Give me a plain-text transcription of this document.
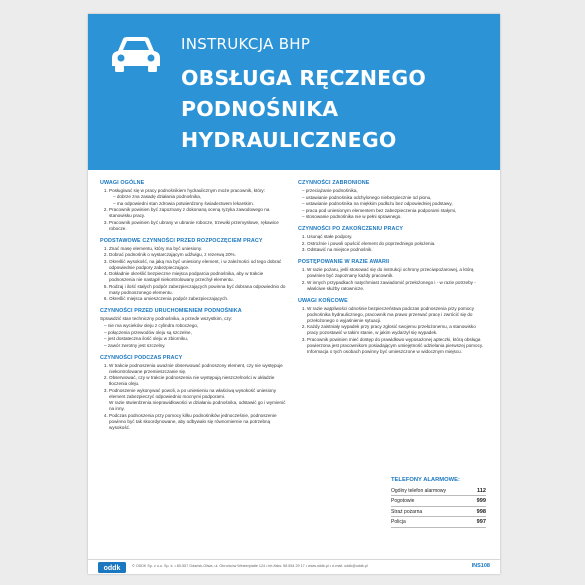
INSTRUKCJA BHP
OBSŁUGA RĘCZNEGO
PODNOŚNIKA
HYDRAULICZNEGO
UWAGI OGÓLNE
1. Posługiwać się w pracy podnośnikiem hydraulicznym może pracownik, który:
– dobrze zna zasadę działania podnośnika,
– ma odpowiedni stan zdrowia potwierdzony świadectwem lekarskim.
2. Pracownik powinien być zapoznany z dokonaną oceną ryzyka zawodowego na stanowisku pracy.
3. Pracownik powinien być ubrany w ubranie robocze, trzewiki przemysłowe, rękawice robocze.
PODSTAWOWE CZYNNOŚCI PRZED ROZPOCZĘCIEM PRACY
1. Znać masę elementu, który ma być uniesiony.
2. Dobrać podnośnik o wystarczającym udźwigu, z rezerwą 20%.
3. Określić wysokość, na jaką ma być uniesiony element, i w zależności od tego dobrać odpowiednie podpory zabezpieczające.
4. Dokładnie określić bezpieczne miejsca podparcia podnośnika, aby w trakcie podnoszenia nie nastąpił niekontrolowany przechył elementu.
5. Rodzaj i ilość stałych podpór zabezpieczających powinna być dobrana odpowiednio do masy podnoszonego elementu.
6. Określić miejsca umieszczenia podpór zabezpieczających.
CZYNNOŚCI PRZED URUCHOMIENIEM PODNOŚNIKA

Sprawdzić stan techniczny podnośnika, a przede wszystkim, czy:

– nie ma wycieków oleju z cylindra roboczego,
– połączenia przewodów oleju są szczelne,
– jest dostateczna ilość oleju w zbiorniku,
– zawór zwrotny jest szczelny.
CZYNNOŚCI PODCZAS PRACY
1. W trakcie podnoszenia uważnie obserwować podnoszony element, czy nie występuje niekontrolowane przemieszczanie się.
2. Obserwować, czy w trakcie podnoszenia nie występują nieszczelności w układzie tłoczenia oleju.
3. Podnoszenie wykonywać powoli, a po uniesieniu na właściwą wysokość uniesiony element zabezpieczyć odpowiednio mocnymi podporami.

W razie stwierdzenia nieprawidłowości w działaniu podnośnika, odstawić go i wymienić na inny.

4. Podczas podnoszenia przy pomocy kilku podnośników jednocześnie, podnoszenie powinno być tak skoordynowane, aby odbywało się równomiernie na potrzebną wysokość.
CZYNNOŚCI ZABRONIONE
– przeciążanie podnośnika,
– ustawianie podnośnika odchylonego niebezpiecznie od pionu,
– ustawianie podnośnika na miękkim podłożu bez odpowiedniej podstawy,
– praca pod uniesionym elementem bez zabezpieczenia podporami stałymi,
– stosowanie podnośnika nie w pełni sprawnego.
CZYNNOŚCI PO ZAKOŃCZENIU PRACY
1. Usunąć stałe podpory.
2. Ostrożnie i powoli opuścić element do poprzedniego położenia.
3. Odstawić na miejsce podnośnik.
POSTĘPOWANIE W RAZIE AWARII
1. W razie pożaru, jeśli stosować się do instrukcji ochrony przeciwpożarowej, a którą powinien być zapoznany każdy pracownik.
2. W innych przypadkach natychmiast zawiadomić przełożonego i - w razie potrzeby - właściwe służby ratownicze.
UWAGI KOŃCOWE
1. W razie wątpliwości odnośnie bezpieczeństwa podczas podnoszenia przy pomocy podnośnika hydraulicznego, pracownik ma prawo przerwać pracę i zwrócić się do przełożonego o wyjaśnienie sytuacji.
2. Każdy zaistniały wypadek przy pracy zgłosić swojemu przełożonemu, a stanowisko pracy pozostawić w takim stanie, w jakim wydarzył się wypadek.
3. Pracownik powinien mieć dostęp do prawidłowo wyposażonej apteczki, którą obsługa powierzona jest pracownikom posiadającym umiejętność udzielania pierwszej pomocy. Informacja o tych osobach powinny być umieszczone w widocznym miejscu.
TELEFONY ALARMOWE:
Ogólny telefon alarmowy	112
Pogotowie	999
Straż pożarna	998
Policja	997
oddk	© ODDK Sp. z o.o. Sp. k. • 80-557 Gdańsk-Oliwa, ul. Obrońców Westerplatte 124 • tel./faks: 58 554 29 17 • www.oddk.pl • e-mail: oddk@oddk.pl	INS108
